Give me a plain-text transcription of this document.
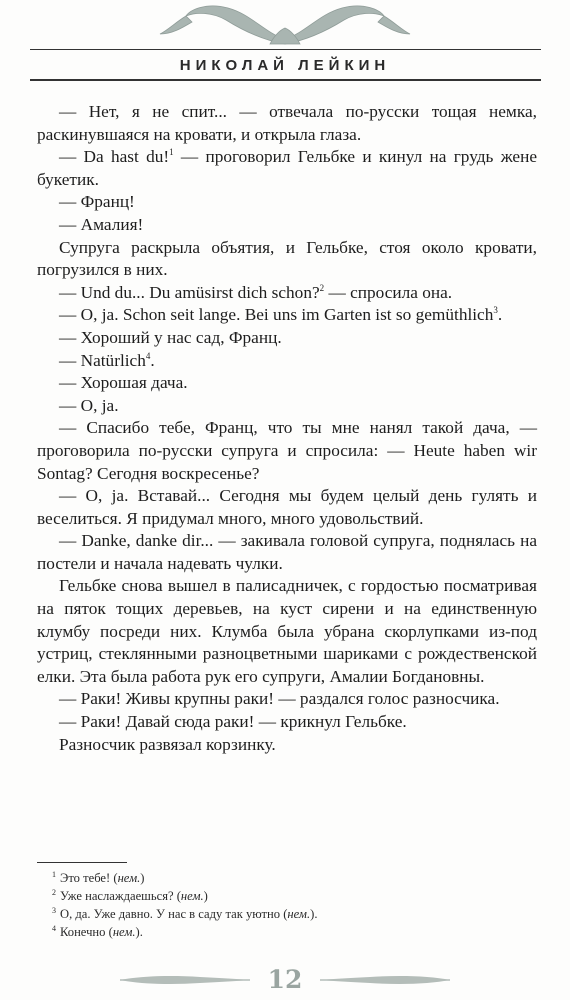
НИКОЛАЙ ЛЕЙКИН

— Нет, я не спит... — отвечала по-русски тощая немка, раскинувшаяся на кровати, и открыла глаза.

— Da hast du!$^1$ — проговорил Гельбке и кинул на грудь жене букетик.

— Франц!

— Амалия!

Супруга раскрыла объятия, и Гельбке, стоя около кровати, погрузился в них.

— Und du... Du amüsirst dich schon?$^2$ — спросила она.

— O, ja. Schon seit lange. Bei uns im Garten ist so gemüthlich$^3$.

— Хороший у нас сад, Франц.

— Natürlich$^4$.

— Хорошая дача.

— O, ja.

— Спасибо тебе, Франц, что ты мне нанял такой дача, — проговорила по-русски супруга и спросила: — Heute haben wir Sontag? Сегодня воскресенье?

— O, ja. Вставай... Сегодня мы будем целый день гулять и веселиться. Я придумал много, много удовольствий.

— Danke, danke dir... — закивала головой супруга, поднялась на постели и начала надевать чулки.

Гельбке снова вышел в палисадничек, с гордостью посматривая на пяток тощих деревьев, на куст сирени и на единственную клумбу посреди них. Клумба была убрана скорлупками из-под устриц, стеклянными разноцветными шариками с рождественской елки. Эта была работа рук его супруги, Амалии Богдановны.

— Раки! Живы крупны раки! — раздался голос разносчика.

— Раки! Давай сюда раки! — крикнул Гельбке.

Разносчик развязал корзинку.

$^1$ Это тебе! (нем.)
$^2$ Уже наслаждаешься? (нем.)
$^3$ О, да. Уже давно. У нас в саду так уютно (нем.).
$^4$ Конечно (нем.).
12
